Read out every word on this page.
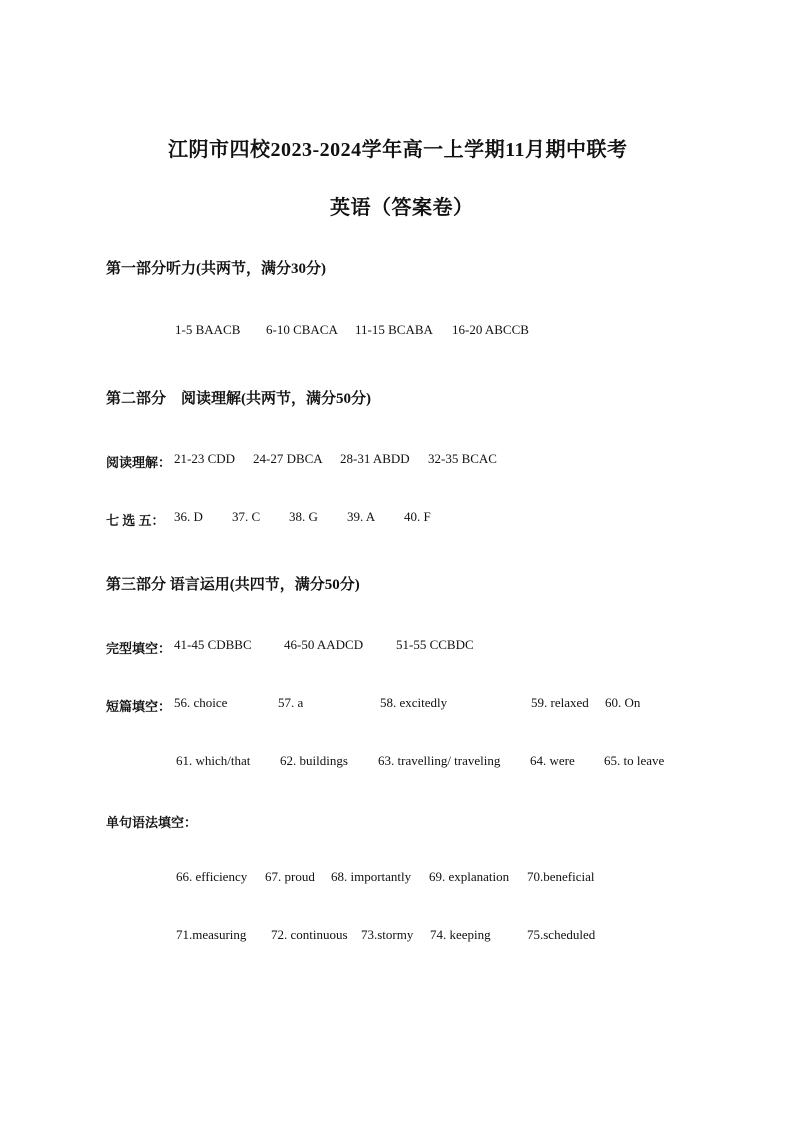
江阴市四校2023-2024学年高一上学期11月期中联考
英语（答案卷）
第一部分听力(共两节，满分30分)
1-5 BAACB 6-10 CBACA 11-15 BCABA 16-20 ABCCB
第二部分　阅读理解(共两节，满分50分)
阅读理解： 21-23 CDD 24-27 DBCA 28-31 ABDD 32-35 BCAC
七 选 五： 36. D 37. C 38. G 39. A 40. F
第三部分 语言运用(共四节，满分50分)
完型填空： 41-45 CDBBC 46-50 AADCD	51-55 CCBDC
短篇填空： 56. choice	57. a	58. excitedly	59. relaxed 60. On
61. which/that 62. buildings 63. travelling/ traveling 64. were 65. to leave
单句语法填空：
66. efficiency 67. proud 68. importantly 69. explanation 70.beneficial
71.measuring 72. continuous 73.stormy 74. keeping	75.scheduled
